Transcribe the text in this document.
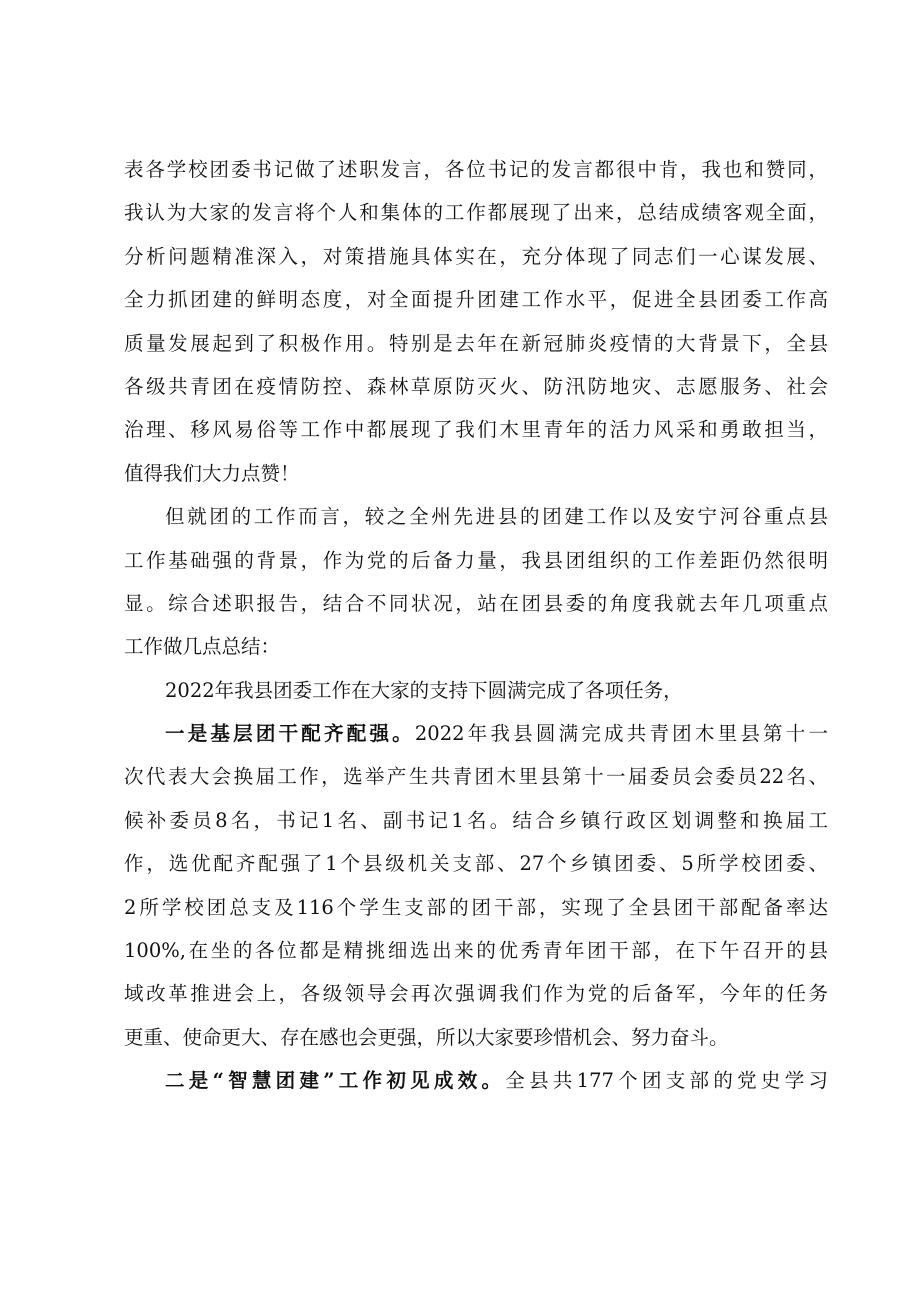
表各学校团委书记做了述职发言，各位书记的发言都很中肯，我也和赞同，
我认为大家的发言将个人和集体的工作都展现了出来，总结成绩客观全面，
分析问题精准深入，对策措施具体实在，充分体现了同志们一心谋发展、
全力抓团建的鲜明态度，对全面提升团建工作水平，促进全县团委工作高
质量发展起到了积极作用。特别是去年在新冠肺炎疫情的大背景下，全县
各级共青团在疫情防控、森林草原防灭火、防汛防地灾、志愿服务、社会
治理、移风易俗等工作中都展现了我们木里青年的活力风采和勇敢担当，
值得我们大力点赞！
但就团的工作而言，较之全州先进县的团建工作以及安宁河谷重点县
工作基础强的背景，作为党的后备力量，我县团组织的工作差距仍然很明
显。综合述职报告，结合不同状况，站在团县委的角度我就去年几项重点
工作做几点总结：
2022年我县团委工作在大家的支持下圆满完成了各项任务，
一是基层团干配齐配强。2022年我县圆满完成共青团木里县第十一
次代表大会换届工作，选举产生共青团木里县第十一届委员会委员22名、
候补委员8名，书记1名、副书记1名。结合乡镇行政区划调整和换届工
作，选优配齐配强了1个县级机关支部、27个乡镇团委、5所学校团委、
2所学校团总支及116个学生支部的团干部，实现了全县团干部配备率达
100%,在坐的各位都是精挑细选出来的优秀青年团干部，在下午召开的县
域改革推进会上，各级领导会再次强调我们作为党的后备军，今年的任务
更重、使命更大、存在感也会更强，所以大家要珍惜机会、努力奋斗。
二是“智慧团建”工作初见成效。全县共177个团支部的党史学习
